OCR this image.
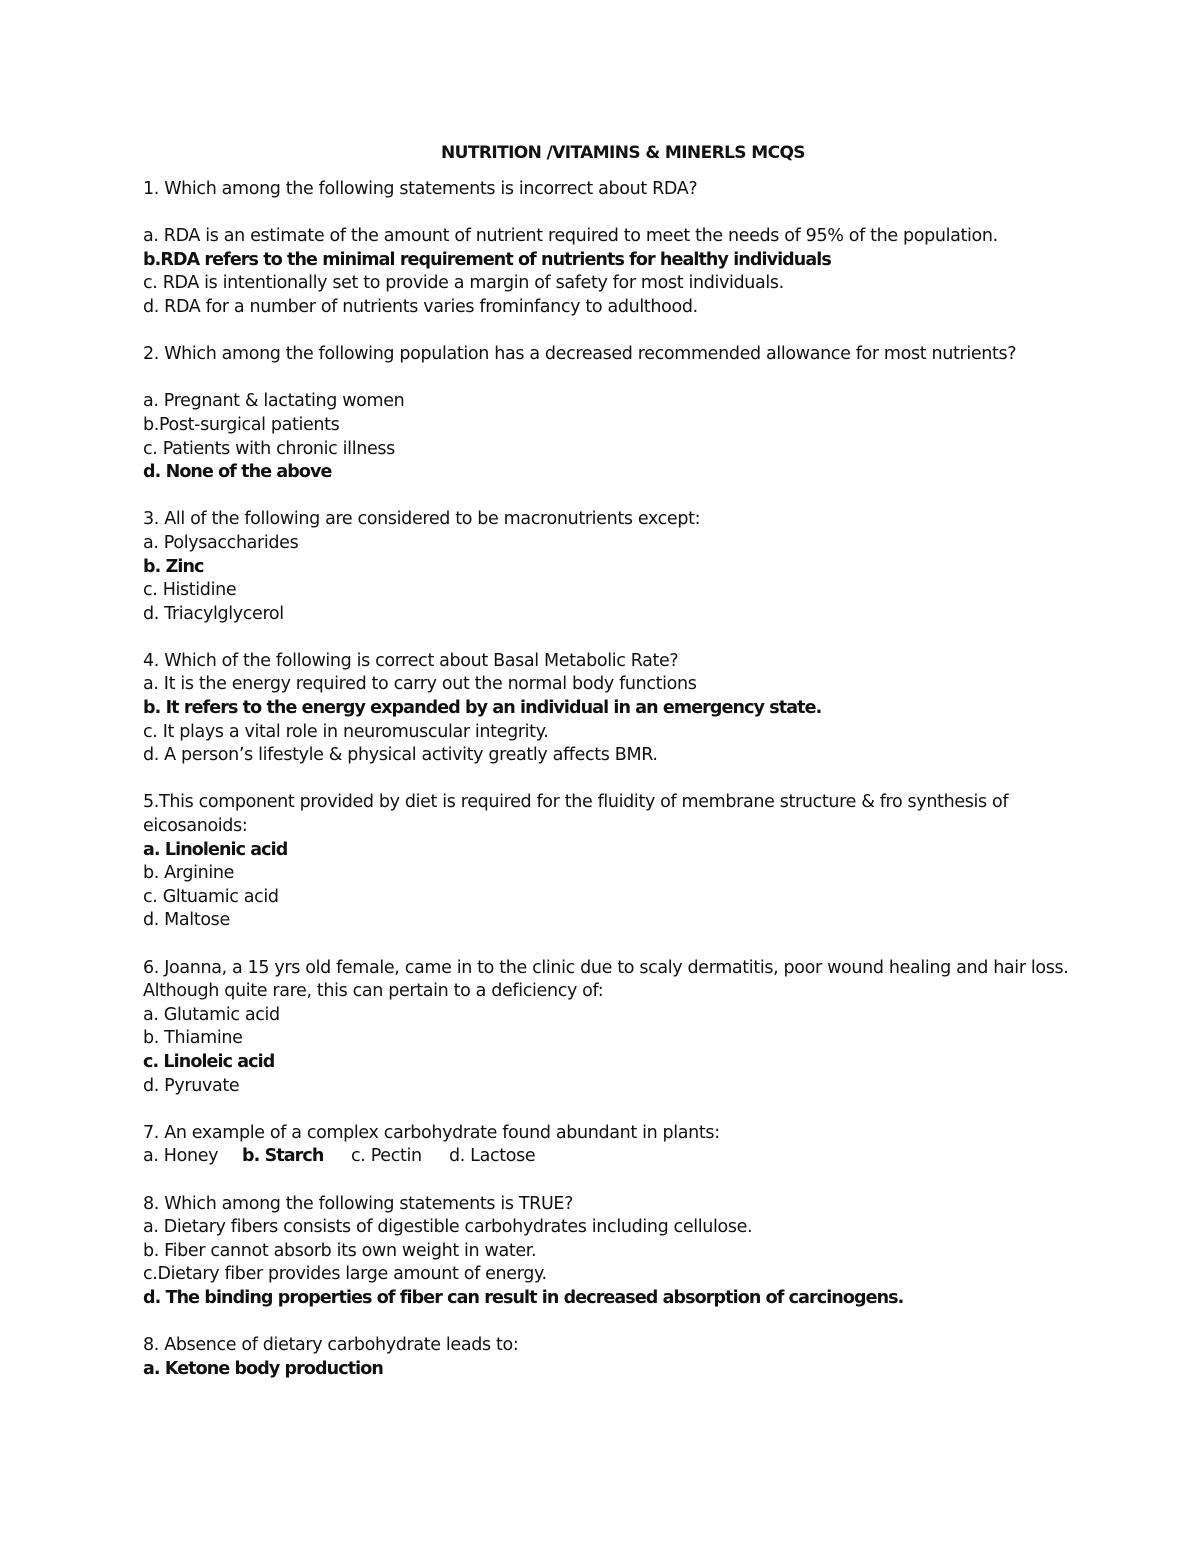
NUTRITION /VITAMINS & MINERLS MCQS
1. Which among the following statements is incorrect about RDA?
a. RDA is an estimate of the amount of nutrient required to meet the needs of 95% of the population.
b.RDA refers to the minimal requirement of nutrients for healthy individuals
c. RDA is intentionally set to provide a margin of safety for most individuals.
d. RDA for a number of nutrients varies frominfancy to adulthood.
2. Which among the following population has a decreased recommended allowance for most nutrients?
a. Pregnant & lactating women
b.Post-surgical patients
c. Patients with chronic illness
d. None of the above
3. All of the following are considered to be macronutrients except:
a. Polysaccharides
b. Zinc
c. Histidine
d. Triacylglycerol
4. Which of the following is correct about Basal Metabolic Rate?
a. It is the energy required to carry out the normal body functions
b. It refers to the energy expanded by an individual in an emergency state.
c. It plays a vital role in neuromuscular integrity.
d. A person’s lifestyle & physical activity greatly affects BMR.
5.This component provided by diet is required for the fluidity of membrane structure & fro synthesis of eicosanoids:
a. Linolenic acid
b. Arginine
c. Gltuamic acid
d. Maltose
6. Joanna, a 15 yrs old female, came in to the clinic due to scaly dermatitis, poor wound healing and hair loss. Although quite rare, this can pertain to a deficiency of:
a. Glutamic acid
b. Thiamine
c. Linoleic acid
d. Pyruvate
7. An example of a complex carbohydrate found abundant in plants:
a. Honey b. Starch c. Pectin d. Lactose
8. Which among the following statements is TRUE?
a. Dietary fibers consists of digestible carbohydrates including cellulose.
b. Fiber cannot absorb its own weight in water.
c.Dietary fiber provides large amount of energy.
d. The binding properties of fiber can result in decreased absorption of carcinogens.
8. Absence of dietary carbohydrate leads to:
a. Ketone body production
